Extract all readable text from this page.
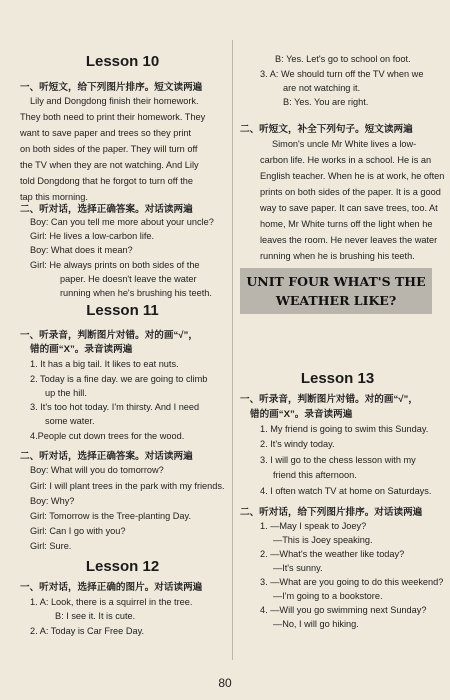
Lesson 10
一、听短文，给下列图片排序。短文读两遍
Lily and Dongdong finish their homework.
They both need to print their homework. They
want to save paper and trees so they print
on both sides of the paper. They will turn off
the TV when they are not watching. And Lily
told Dongdong that he forgot to turn off the
tap this morning.
二、听对话，选择正确答案。对话读两遍
Boy: Can you tell me more about your uncle?
Girl: He lives a low-carbon life.
Boy: What does it mean?
Girl: He always prints on both sides of the
paper. He doesn't leave the water
running when he's brushing his teeth.
Lesson 11
一、听录音，判断图片对错。对的画“√”，
错的画“X”。录音读两遍
1. It has a big tail. It likes to eat nuts.
2. Today is a fine day. we are going to climb
up the hill.
3. It's too hot today. I'm thirsty. And I need
some water.
4.People cut down trees for the wood.
二、听对话，选择正确答案。对话读两遍
Boy: What will you do tomorrow?
Girl: I will plant trees in the park with my friends.
Boy: Why?
Girl: Tomorrow is the Tree-planting Day.
Girl: Can I go with you?
Girl: Sure.
Lesson 12
一、听对话，选择正确的图片。对话读两遍
1. A: Look, there is a squirrel in the tree.
B: I see it. It is cute.
2. A: Today is Car Free Day.
B: Yes. Let's go to school on foot.
3. A: We should turn off the TV when we
are not watching it.
B: Yes. You are right.
二、听短文，补全下列句子。短文读两遍
Simon's uncle Mr White lives a low-
carbon life. He works in a school. He is an
English teacher. When he is at work, he often
prints on both sides of the paper. It is a good
way to save paper. It can save trees, too. At
home, Mr White turns off the light when he
leaves the room. He never leaves the water
running when he is brushing his teeth.
UNIT FOUR WHAT'S THE
WEATHER LIKE?
Lesson 13
一、听录音，判断图片对错。对的画“√”，
错的画“X”。录音读两遍
1. My friend is going to swim this Sunday.
2. It's windy today.
3. I will go to the chess lesson with my
friend this afternoon.
4. I often watch TV at home on Saturdays.
二、听对话，给下列图片排序。对话读两遍
1. —May I speak to Joey?
—This is Joey speaking.
2. —What's the weather like today?
—It's sunny.
3. —What are you going to do this weekend?
—I'm going to a bookstore.
4. —Will you go swimming next Sunday?
—No, I will go hiking.
80
